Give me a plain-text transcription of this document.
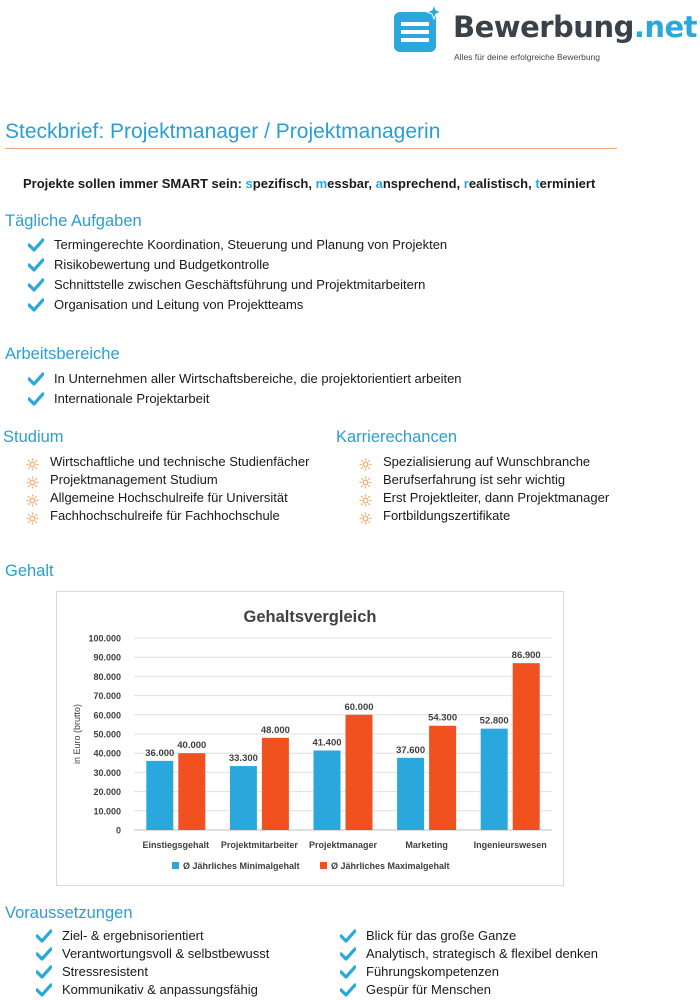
Bewerbung.net
Alles für deine erfolgreiche Bewerbung
Steckbrief: Projektmanager / Projektmanagerin
Projekte sollen immer SMART sein: spezifisch, messbar, ansprechend, realistisch, terminiert
Tägliche Aufgaben
Termingerechte Koordination, Steuerung und Planung von Projekten
Risikobewertung und Budgetkontrolle
Schnittstelle zwischen Geschäftsführung und Projektmitarbeitern
Organisation und Leitung von Projektteams
Arbeitsbereiche
In Unternehmen aller Wirtschaftsbereiche, die projektorientiert arbeiten
Internationale Projektarbeit
Studium
Wirtschaftliche und technische Studienfächer
Projektmanagement Studium
Allgemeine Hochschulreife für Universität
Fachhochschulreife für Fachhochschule
Karrierechancen
Spezialisierung auf Wunschbranche
Berufserfahrung ist sehr wichtig
Erst Projektleiter, dann Projektmanager
Fortbildungszertifikate
Gehalt
Gehaltsvergleich
0
10.000
20.000
30.000
40.000
50.000
60.000
70.000
80.000
90.000
100.000
in Euro (brutto)	36.000
40.000
Einstiegsgehalt
33.300
48.000
Projektmitarbeiter
41.400
60.000
Projektmanager
37.600
54.300
Marketing
52.800
86.900
Ingenieurswesen
Ø Jährliches Minimalgehalt	Ø Jährliches Maximalgehalt
Voraussetzungen
Ziel- & ergebnisorientiert
Verantwortungsvoll & selbstbewusst
Stressresistent
Kommunikativ & anpassungsfähig
Blick für das große Ganze
Analytisch, strategisch & flexibel denken
Führungskompetenzen
Gespür für Menschen
